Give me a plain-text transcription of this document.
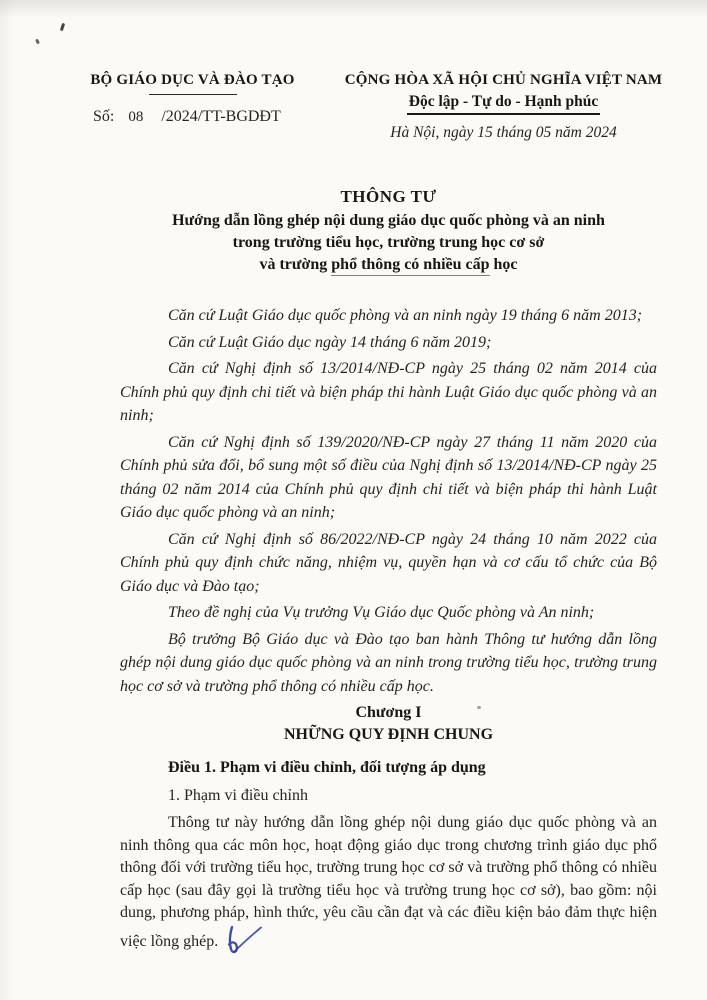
BỘ GIÁO DỤC VÀ ĐÀO TẠO
Số: 08 /2024/TT-BGDĐT
CỘNG HÒA XÃ HỘI CHỦ NGHĨA VIỆT NAM
Độc lập - Tự do - Hạnh phúc
Hà Nội, ngày 15 tháng 05 năm 2024
THÔNG TƯ
Hướng dẫn lồng ghép nội dung giáo dục quốc phòng và an ninh
trong trường tiểu học, trường trung học cơ sở
và trường phổ thông có nhiều cấp học

Căn cứ Luật Giáo dục quốc phòng và an ninh ngày 19 tháng 6 năm 2013;

Căn cứ Luật Giáo dục ngày 14 tháng 6 năm 2019;

Căn cứ Nghị định số 13/2014/NĐ-CP ngày 25 tháng 02 năm 2014 của Chính phủ quy định chi tiết và biện pháp thi hành Luật Giáo dục quốc phòng và an ninh;

Căn cứ Nghị định số 139/2020/NĐ-CP ngày 27 tháng 11 năm 2020 của Chính phủ sửa đổi, bổ sung một số điều của Nghị định số 13/2014/NĐ-CP ngày 25 tháng 02 năm 2014 của Chính phủ quy định chi tiết và biện pháp thi hành Luật Giáo dục quốc phòng và an ninh;

Căn cứ Nghị định số 86/2022/NĐ-CP ngày 24 tháng 10 năm 2022 của Chính phủ quy định chức năng, nhiệm vụ, quyền hạn và cơ cấu tổ chức của Bộ Giáo dục và Đào tạo;

Theo đề nghị của Vụ trưởng Vụ Giáo dục Quốc phòng và An ninh;

Bộ trưởng Bộ Giáo dục và Đào tạo ban hành Thông tư hướng dẫn lồng ghép nội dung giáo dục quốc phòng và an ninh trong trường tiểu học, trường trung học cơ sở và trường phổ thông có nhiều cấp học.

Chương I
NHỮNG QUY ĐỊNH CHUNG
Điều 1. Phạm vi điều chỉnh, đối tượng áp dụng
1. Phạm vi điều chỉnh

Thông tư này hướng dẫn lồng ghép nội dung giáo dục quốc phòng và an ninh thông qua các môn học, hoạt động giáo dục trong chương trình giáo dục phổ thông đối với trường tiểu học, trường trung học cơ sở và trường phổ thông có nhiều cấp học (sau đây gọi là trường tiểu học và trường trung học cơ sở), bao gồm: nội dung, phương pháp, hình thức, yêu cầu cần đạt và các điều kiện bảo đảm thực hiện việc lồng ghép.
